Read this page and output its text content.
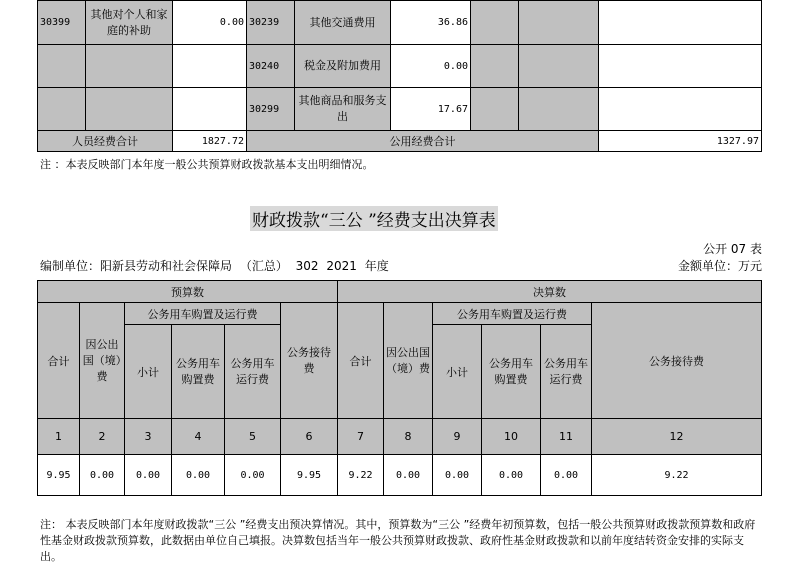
30399	其他对个人和家庭的补助	0.00	30239	其他交通费用	36.86			
			30240	税金及附加费用	0.00			
			30299	其他商品和服务支出	17.67			
人员经费合计		1827.72	公用经费合计					1327.97
注 ：本表反映部门本年度一般公共预算财政拨款基本支出明细情况。
财政拨款“三公 ”经费支出决算表
公开 07 表
编制单位：阳新县劳动和社会保障局 （汇总） 302 2021 年度	金额单位：万元
预算数						决算数					
合计	因公出国（境）费	公务用车购置及运行费			公务接待费	合计	因公出国（境）费	公务用车购置及运行费			公务接待费
		小计	公务用车购置费	公务用车运行费				小计	公务用车购置费	公务用车运行费	
1	2	3	4	5	6	7	8	9	10	11	12
9.95	0.00	0.00	0.00	0.00	9.95	9.22	0.00	0.00	0.00	0.00	9.22
注： 本表反映部门本年度财政拨款“三公 ”经费支出预决算情况。其中，预算数为“三公 ”经费年初预算数，包括一般公共预算财政拨款预算数和政府性基金财政拨款预算数，此数据由单位自己填报。决算数包括当年一般公共预算财政拨款、政府性基金财政拨款和以前年度结转资金安排的实际支出。
